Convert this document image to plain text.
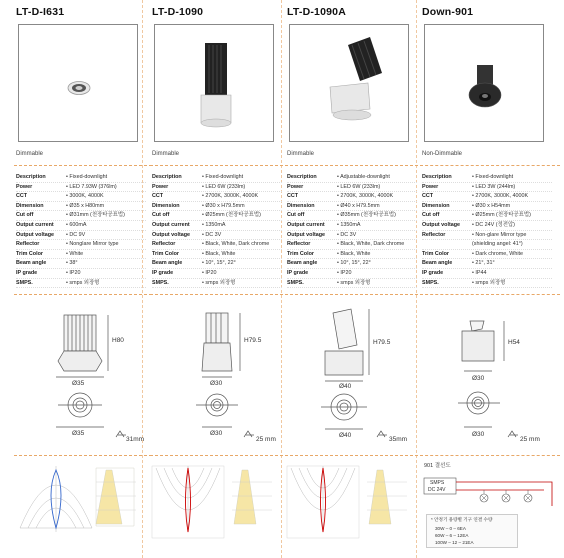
LT-D-I631
Dimmable
Description	• Fixed-downlight
Power	• LED 7.93W (376lm)
CCT	• 3000K, 4000K
Dimension	• Ø35 x H80mm
Cut off	• Ø31mm (천장타공표법)
Output current	• 600mA
Output voltage	• DC 9V
Reflector	• Nonglare Mirror type
Trim Color	• White
Beam angle	• 38°
IP grade	• IP20
SMPS.	• smps 외장형
H80
Ø35
Ø35
31mm
LT-D-1090
Dimmable
Description	• Fixed-downlight
Power	• LED 6W (233lm)
CCT	• 2700K, 3000K, 4000K
Dimension	• Ø30 x H79.5mm
Cut off	• Ø25mm (천장타공표법)
Output current	• 1350mA
Output voltage	• DC 3V
Reflector	• Black, White, Dark chrome
Trim Color	• Black, White
Beam angle	• 10°, 15°, 22°
IP grade	• IP20
SMPS.	• smps 외장형
H79.5
Ø30
Ø30
25 mm
LT-D-1090A
Dimmable
Description	• Adjustable-downlight
Power	• LED 6W (233lm)
CCT	• 2700K, 3000K, 4000K
Dimension	• Ø40 x H79.5mm
Cut off	• Ø35mm (천장타공표법)
Output current	• 1350mA
Output voltage	• DC 3V
Reflector	• Black, White, Dark chrome
Trim Color	• Black, White
Beam angle	• 10°, 15°, 22°
IP grade	• IP20
SMPS.	• smps 외장형
H79.5
Ø40
Ø40
35mm
Down-901
Non-Dimmable
Description	• Fixed-downlight
Power	• LED 3W (244lm)
CCT	• 2700K, 3000K, 4000K
Dimension	• Ø30 x H54mm
Cut off	• Ø25mm (천장타공표법)
Output voltage	• DC 24V (정전압)
Reflector	• Non-glare Mirror type
(shielding angel: 41°)
Trim Color	• Dark chrome, White
Beam angle	• 21°, 31°
IP grade	• IP44
SMPS.	• smps 외장형
H54
Ø30
Ø30
25 mm
901 결선도
SMPS
DC 24V
* 안정기 용량별 기구 연결 수량
30W – 0 – 6EA
60W – 6 – 12EA
100W – 12 – 21EA
